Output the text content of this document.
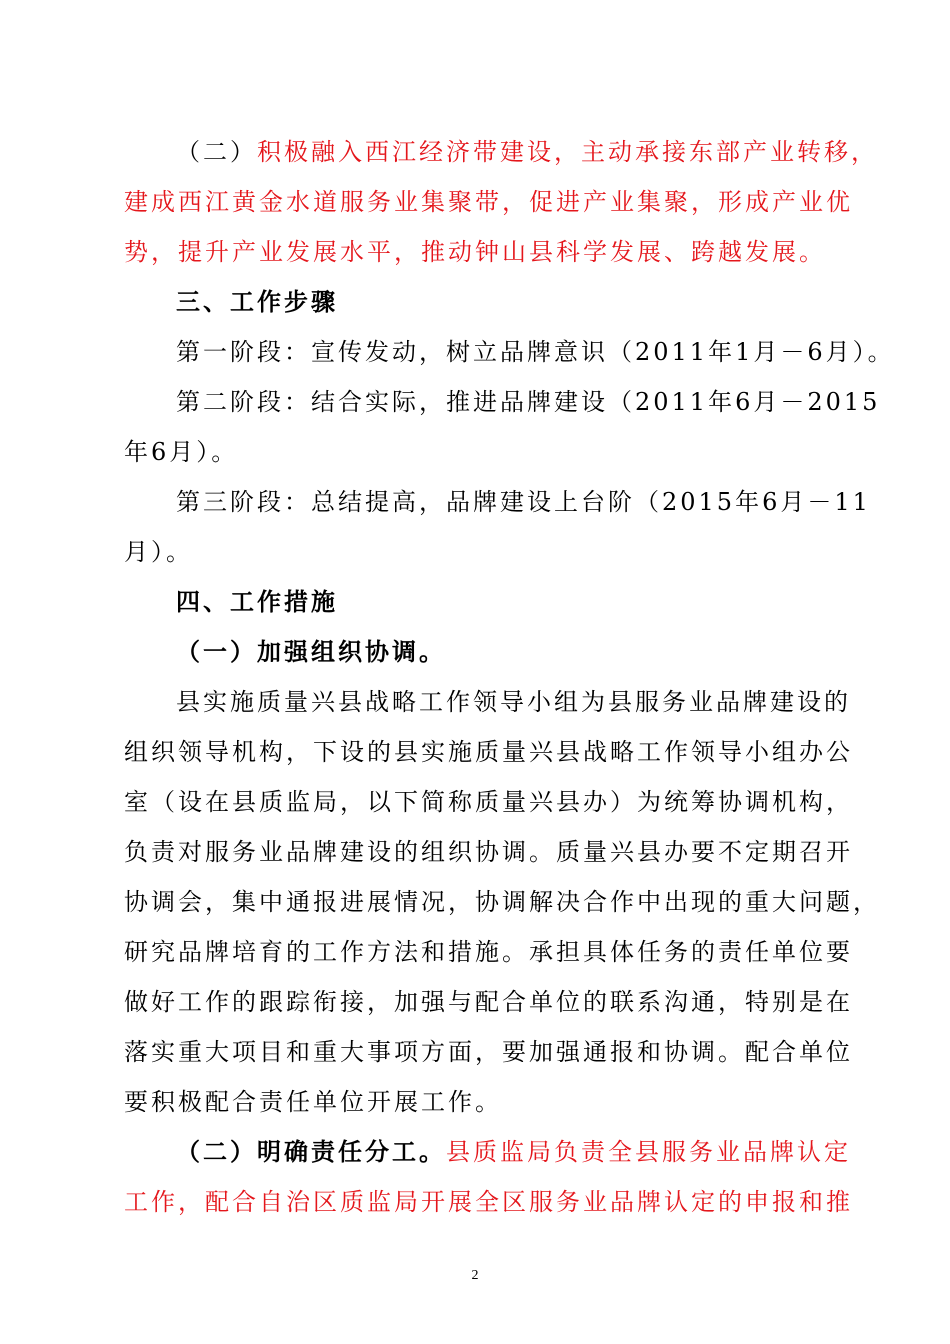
（二）积极融入西江经济带建设，主动承接东部产业转移，
建成西江黄金水道服务业集聚带，促进产业集聚，形成产业优
势，提升产业发展水平，推动钟山县科学发展、跨越发展。
三、工作步骤
第一阶段：宣传发动，树立品牌意识（2011年1月－6月）。
第二阶段：结合实际，推进品牌建设（2011年6月－2015
年6月）。
第三阶段：总结提高，品牌建设上台阶（2015年6月－11
月）。
四、工作措施
（一）加强组织协调。
县实施质量兴县战略工作领导小组为县服务业品牌建设的
组织领导机构，下设的县实施质量兴县战略工作领导小组办公
室（设在县质监局，以下简称质量兴县办）为统筹协调机构，
负责对服务业品牌建设的组织协调。质量兴县办要不定期召开
协调会，集中通报进展情况，协调解决合作中出现的重大问题，
研究品牌培育的工作方法和措施。承担具体任务的责任单位要
做好工作的跟踪衔接，加强与配合单位的联系沟通，特别是在
落实重大项目和重大事项方面，要加强通报和协调。配合单位
要积极配合责任单位开展工作。
（二）明确责任分工。县质监局负责全县服务业品牌认定
工作，配合自治区质监局开展全区服务业品牌认定的申报和推
2
